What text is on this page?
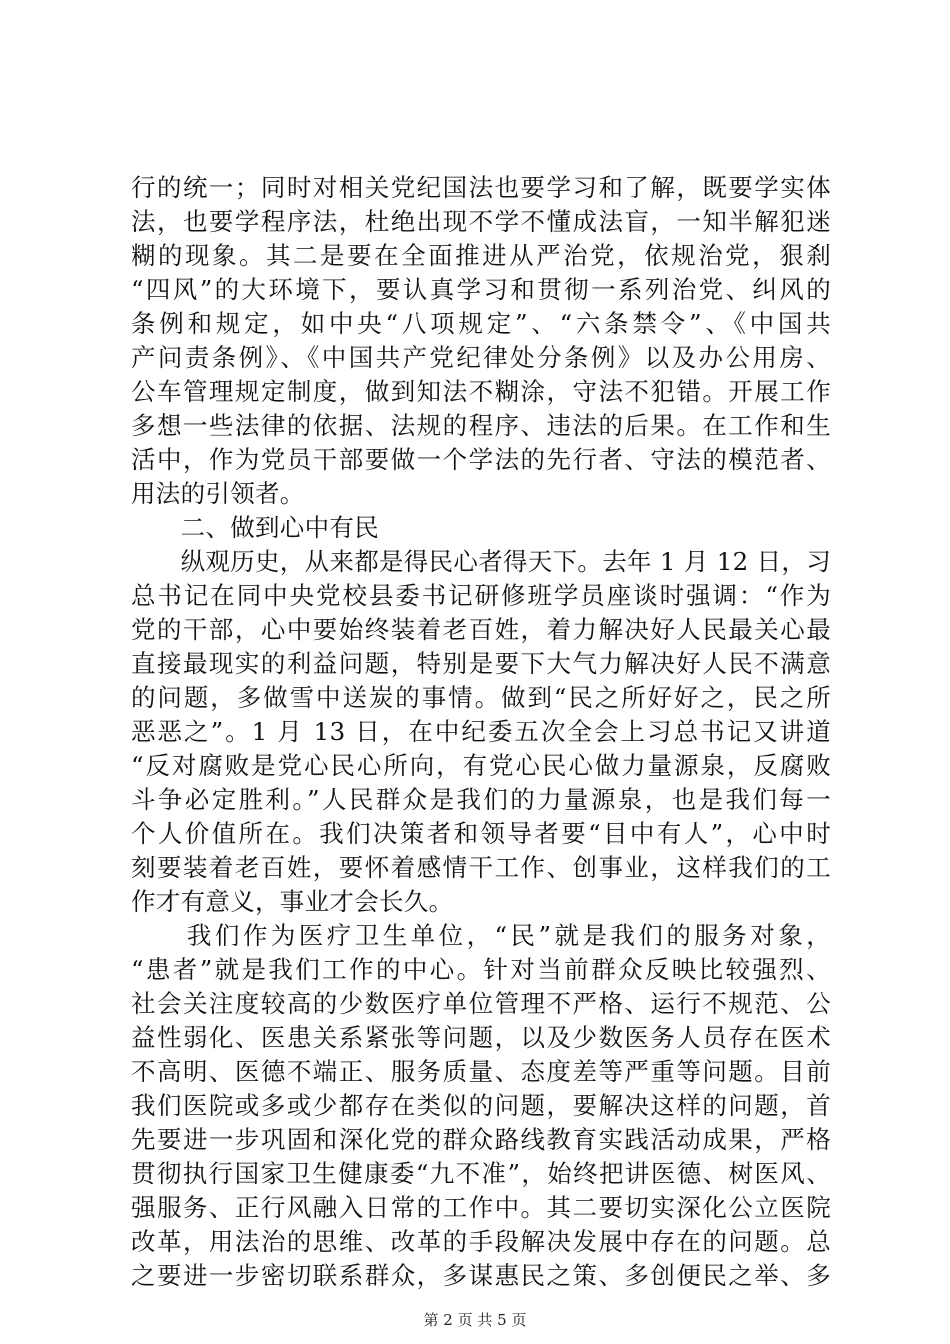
行的统一；同时对相关党纪国法也要学习和了解，既要学实体
法，也要学程序法，杜绝出现不学不懂成法盲，一知半解犯迷
糊的现象。其二是要在全面推进从严治党，依规治党，狠刹
“四风”的大环境下，要认真学习和贯彻一系列治党、纠风的
条例和规定，如中央“八项规定”、“六条禁令”、《中国共
产问责条例》、《中国共产党纪律处分条例》以及办公用房、
公车管理规定制度，做到知法不糊涂，守法不犯错。开展工作
多想一些法律的依据、法规的程序、违法的后果。在工作和生
活中，作为党员干部要做一个学法的先行者、守法的模范者、
用法的引领者。
　　二、做到心中有民
　　纵观历史，从来都是得民心者得天下。去年 1 月 12 日，习
总书记在同中央党校县委书记研修班学员座谈时强调：“作为
党的干部，心中要始终装着老百姓，着力解决好人民最关心最
直接最现实的利益问题，特别是要下大气力解决好人民不满意
的问题，多做雪中送炭的事情。做到“民之所好好之，民之所
恶恶之”。1 月 13 日，在中纪委五次全会上习总书记又讲道
“反对腐败是党心民心所向，有党心民心做力量源泉，反腐败
斗争必定胜利。”人民群众是我们的力量源泉，也是我们每一
个人价值所在。我们决策者和领导者要“目中有人”，心中时
刻要装着老百姓，要怀着感情干工作、创事业，这样我们的工
作才有意义，事业才会长久。
　　我们作为医疗卫生单位，“民”就是我们的服务对象，
“患者”就是我们工作的中心。针对当前群众反映比较强烈、
社会关注度较高的少数医疗单位管理不严格、运行不规范、公
益性弱化、医患关系紧张等问题，以及少数医务人员存在医术
不高明、医德不端正、服务质量、态度差等严重等问题。目前
我们医院或多或少都存在类似的问题，要解决这样的问题，首
先要进一步巩固和深化党的群众路线教育实践活动成果，严格
贯彻执行国家卫生健康委“九不准”，始终把讲医德、树医风、
强服务、正行风融入日常的工作中。其二要切实深化公立医院
改革，用法治的思维、改革的手段解决发展中存在的问题。总
之要进一步密切联系群众，多谋惠民之策、多创便民之举、多
第 2 页 共 5 页
